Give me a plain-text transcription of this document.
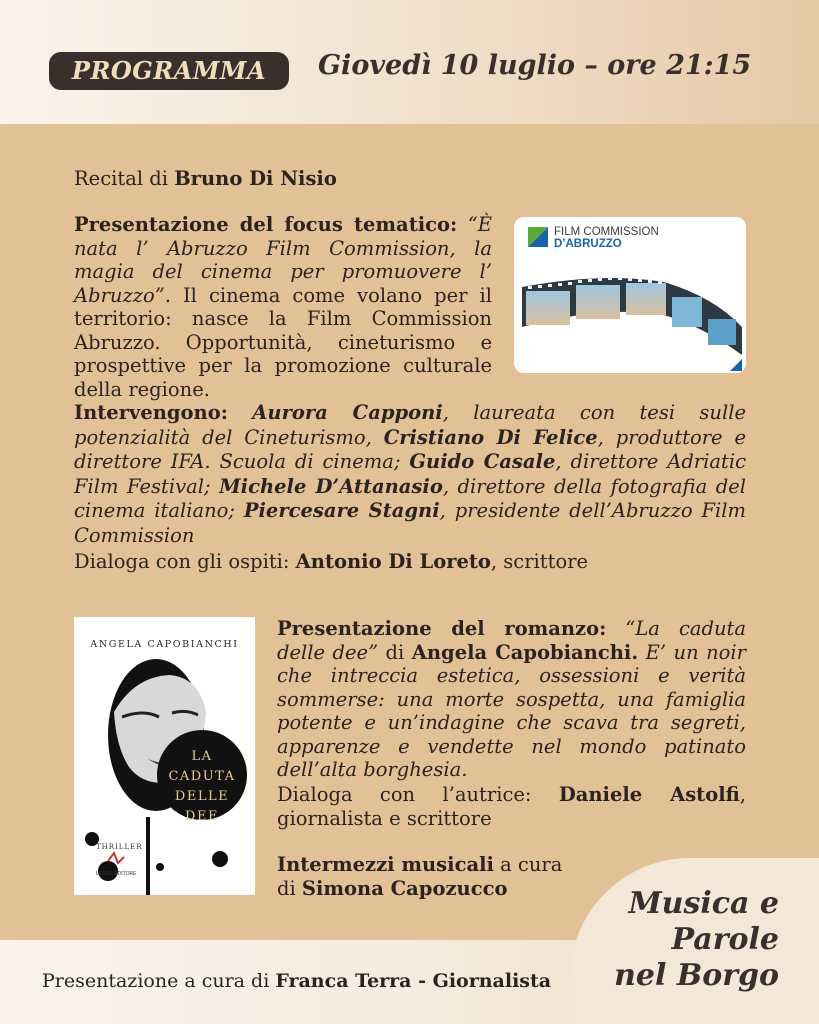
PROGRAMMA	Giovedì 10 luglio – ore 21:15
Recital di Bruno Di Nisio
Presentazione del focus tematico: “È nata l’ Abruzzo Film Commission, la magia del cinema per promuovere l’ Abruzzo”. Il cinema come volano per il territorio: nasce la Film Commission Abruzzo. Opportunità, cineturismo e prospettive per la promozione culturale della regione.
FILM COMMISSION
D’ABRUZZO
Intervengono: Aurora Capponi, laureata con tesi sulle potenzialità del Cineturismo, Cristiano Di Felice, produttore e direttore IFA. Scuola di cinema; Guido Casale, direttore Adriatic Film Festival; Michele D’Attanasio, direttore della fotografia del cinema italiano; Piercesare Stagni, presidente dell’Abruzzo Film Commission
Dialoga con gli ospiti: Antonio Di Loreto, scrittore
ANGELA CAPOBIANCHI
LA
CADUTA
DELLE
DEE
THRILLER
LEONE EDITORE
Presentazione del romanzo: “La caduta delle dee” di Angela Capobianchi. E’ un noir che intreccia estetica, ossessioni e verità sommerse: una morte sospetta, una famiglia potente e un’indagine che scava tra segreti, apparenze e vendette nel mondo patinato dell’alta borghesia.
Dialoga con l’autrice: Daniele Astolfi, giornalista e scrittore
Intermezzi musicali a cura di Simona Capozucco
Presentazione a cura di Franca Terra - Giornalista
Musica e
Parole
nel Borgo
